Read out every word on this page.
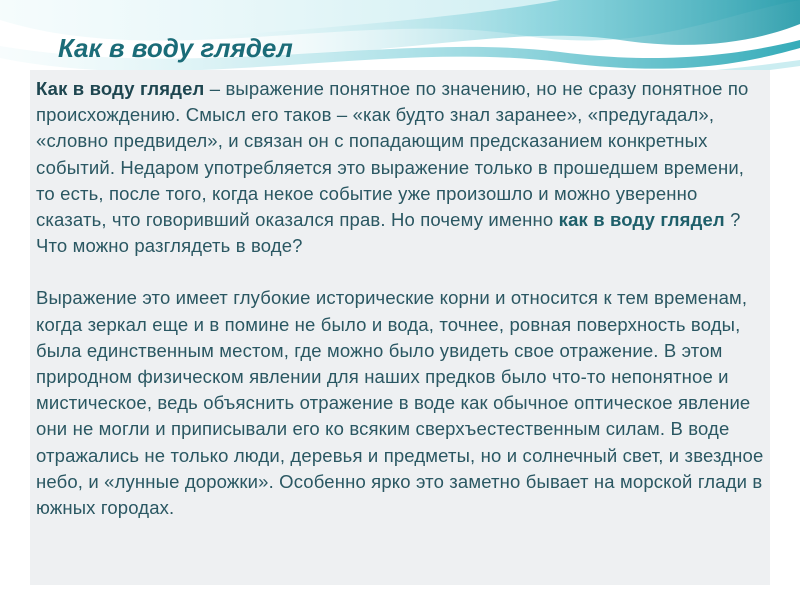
Как в воду глядел

Как в воду глядел – выражение понятное по значению, но не сразу понятное по происхождению. Смысл его таков – «как будто знал заранее», «предугадал», «словно предвидел», и связан он с попадающим предсказанием конкретных событий. Недаром употребляется это выражение только в прошедшем времени, то есть, после того, когда некое событие уже произошло и можно уверенно сказать, что говоривший оказался прав. Но почему именно как в воду глядел ? Что можно разглядеть в воде?

Выражение это имеет глубокие исторические корни и относится к тем временам, когда зеркал еще и в помине не было и вода, точнее, ровная поверхность воды, была единственным местом, где можно было увидеть свое отражение. В этом природном физическом явлении для наших предков было что-то непонятное и мистическое, ведь объяснить отражение в воде как обычное оптическое явление они не могли и приписывали его ко всяким сверхъестественным силам. В воде отражались не только люди, деревья и предметы, но и солнечный свет, и звездное небо, и «лунные дорожки». Особенно ярко это заметно бывает на морской глади в южных городах.
